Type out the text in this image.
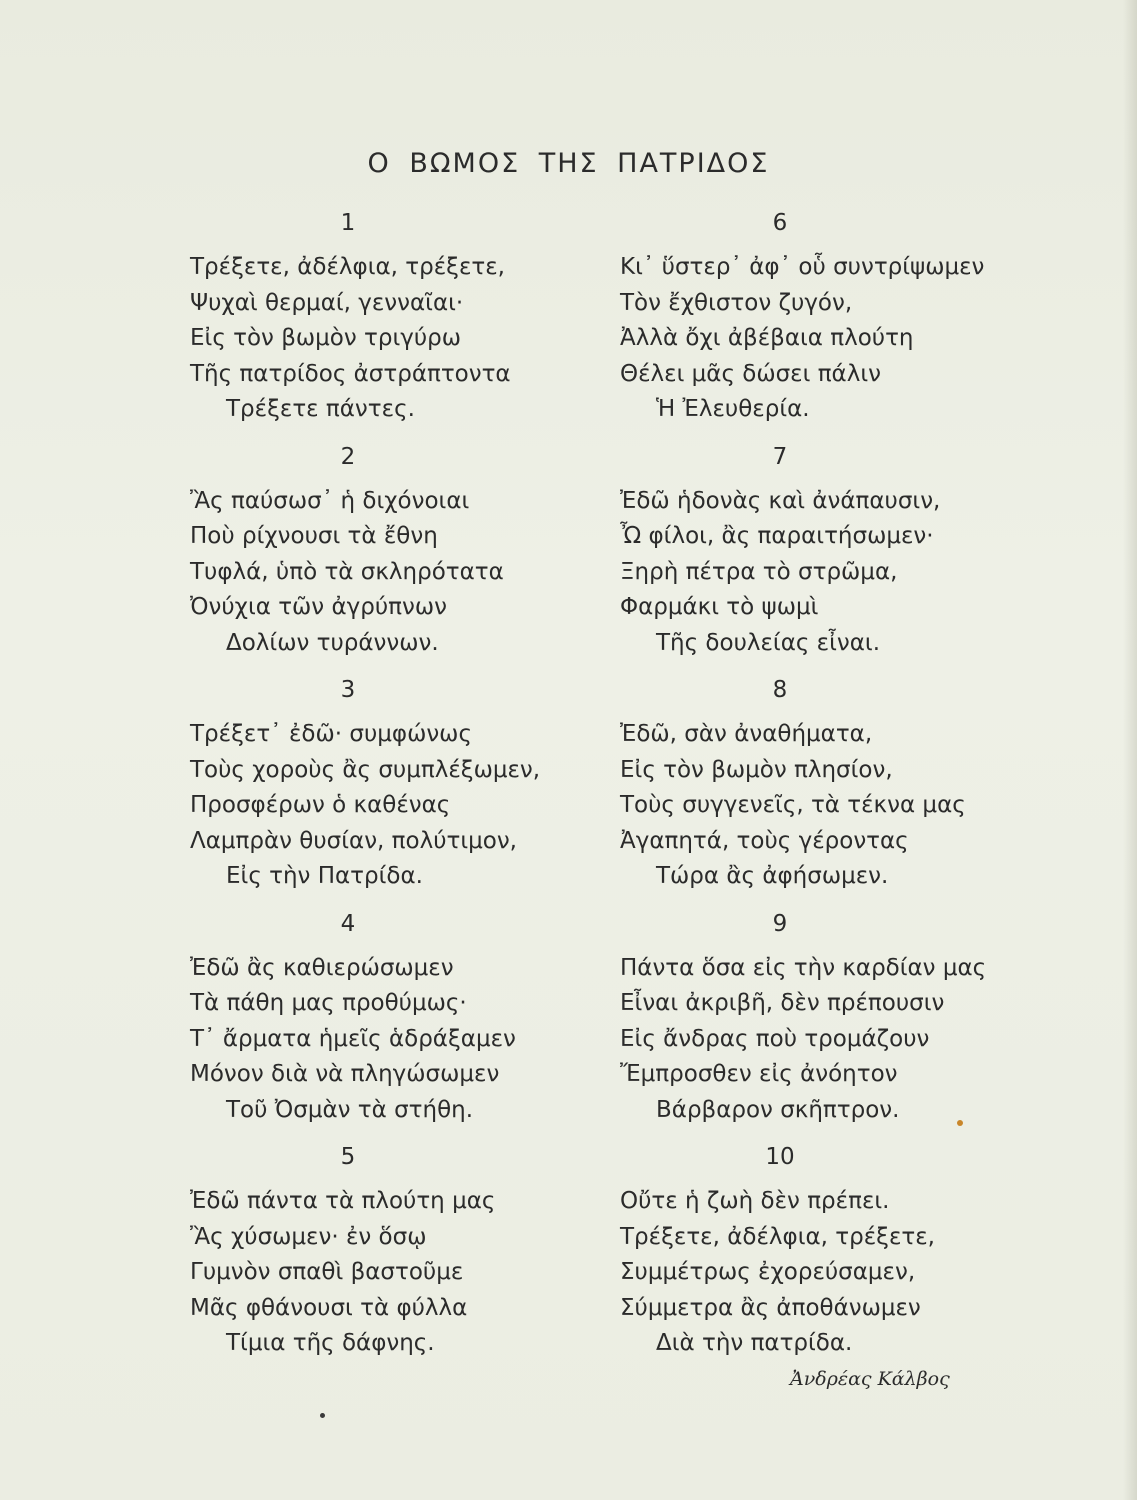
Ο ΒΩΜΟΣ ΤΗΣ ΠΑΤΡΙΔΟΣ
1
Τρέξετε, ἀδέλφια, τρέξετε,
Ψυχαὶ θερμαί, γενναῖαι·
Εἰς τὸν βωμὸν τριγύρω
Τῆς πατρίδος ἀστράπτοντα
Τρέξετε πάντες.
2
Ἂς παύσωσ᾽ ἡ διχόνοιαι
Ποὺ ρίχνουσι τὰ ἔθνη
Τυφλά, ὑπὸ τὰ σκληρότατα
Ὀνύχια τῶν ἀγρύπνων
Δολίων τυράννων.
3
Τρέξετ᾽ ἐδῶ· συμφώνως
Τοὺς χοροὺς ἂς συμπλέξωμεν,
Προσφέρων ὁ καθένας
Λαμπρὰν θυσίαν, πολύτιμον,
Εἰς τὴν Πατρίδα.
4
Ἐδῶ ἂς καθιερώσωμεν
Τὰ πάθη μας προθύμως·
Τ᾽ ἄρματα ἡμεῖς ἁδράξαμεν
Μόνον διὰ νὰ πληγώσωμεν
Τοῦ Ὀσμὰν τὰ στήθη.
5
Ἐδῶ πάντα τὰ πλούτη μας
Ἂς χύσωμεν· ἐν ὅσῳ
Γυμνὸν σπαθὶ βαστοῦμε
Μᾶς φθάνουσι τὰ φύλλα
Τίμια τῆς δάφνης.
6
Κι᾽ ὕστερ᾽ ἀφ᾽ οὗ συντρίψωμεν
Τὸν ἔχθιστον ζυγόν,
Ἀλλὰ ὄχι ἀβέβαια πλούτη
Θέλει μᾶς δώσει πάλιν
Ἡ Ἐλευθερία.
7
Ἐδῶ ἡδονὰς καὶ ἀνάπαυσιν,
Ὦ φίλοι, ἂς παραιτήσωμεν·
Ξηρὴ πέτρα τὸ στρῶμα,
Φαρμάκι τὸ ψωμὶ
Τῆς δουλείας εἶναι.
8
Ἐδῶ, σὰν ἀναθήματα,
Εἰς τὸν βωμὸν πλησίον,
Τοὺς συγγενεῖς, τὰ τέκνα μας
Ἀγαπητά, τοὺς γέροντας
Τώρα ἂς ἀφήσωμεν.
9
Πάντα ὅσα εἰς τὴν καρδίαν μας
Εἶναι ἀκριβῆ, δὲν πρέπουσιν
Εἰς ἄνδρας ποὺ τρομάζουν
Ἔμπροσθεν εἰς ἀνόητον
Βάρβαρον σκῆπτρον.
10
Οὔτε ἡ ζωὴ δὲν πρέπει.
Τρέξετε, ἀδέλφια, τρέξετε,
Συμμέτρως ἐχορεύσαμεν,
Σύμμετρα ἂς ἀποθάνωμεν
Διὰ τὴν πατρίδα.
Ἀνδρέας Κάλβος
